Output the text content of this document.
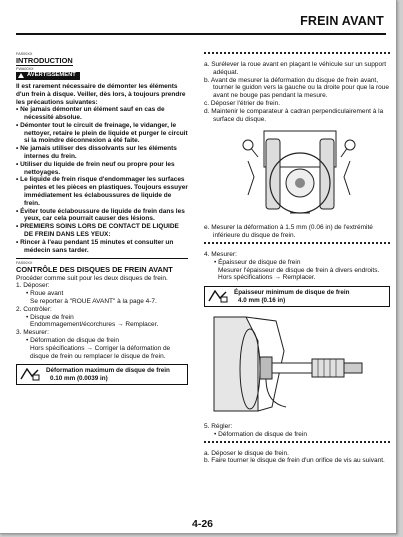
FREIN AVANT
FAS00XX
INTRODUCTION
FWA00XX
AVERTISSEMENT

Il est rarement nécessaire de démonter les éléments d'un frein à disque. Veiller, dès lors, à toujours prendre les précautions suivantes:

• Ne jamais démonter un élément sauf en cas de nécessité absolue.
• Démonter tout le circuit de freinage, le vidanger, le nettoyer, retaire le plein de liquide et purger le circuit si la moindre déconnexion a été faite.
• Ne jamais utiliser des dissolvants sur les éléments internes du frein.
• Utiliser du liquide de frein neuf ou propre pour les nettoyages.
• Le liquide de frein risque d'endommager les surfaces peintes et les pièces en plastiques. Toujours essuyer immédiatement les éclaboussures de liquide de frein.
• Éviter toute éclaboussure de liquide de frein dans les yeux, car cela pourrait causer des lésions.
• PREMIERS SOINS LORS DE CONTACT DE LIQUIDE DE FREIN DANS LES YEUX:
• Rincer à l'eau pendant 15 minutes et consulter un médecin sans tarder.
FAS00XX
CONTRÔLE DES DISQUES DE FREIN AVANT

Procéder comme suit pour les deux disques de frein.

1. Déposer:
• Roue avant
Se reporter à "ROUE AVANT" à la page 4-7.
2. Contrôler:
• Disque de frein
Endommagement/écorchures → Remplacer.
3. Mesurer:
• Déformation de disque de frein
Hors spécifications → Corriger la déformation de disque de frein ou remplacer le disque de frein.
Déformation maximum de disque de frein
0.10 mm (0.0039 in)
a. Surélever la roue avant en plaçant le véhicule sur un support adéquat.
b. Avant de mesurer la déformation du disque de frein avant, tourner le guidon vers la gauche ou la droite pour que la roue avant ne bouge pas pendant la mesure.
c. Déposer l'étrier de frein.
d. Maintenir le comparateur à cadran perpendiculairement à la surface du disque.
e. Mesurer la déformation à 1.5 mm (0.06 in) de l'extrémité inférieure du disque de frein.
4. Mesurer:
• Épaisseur de disque de frein
Mesurer l'épaisseur de disque de frein à divers endroits.
Hors spécifications → Remplacer.
Épaisseur minimum de disque de frein
4.0 mm (0.16 in)
5. Régler:
• Déformation de disque de frein
a. Déposer le disque de frein.
b. Faire tourner le disque de frein d'un orifice de vis au suivant.
4-26
